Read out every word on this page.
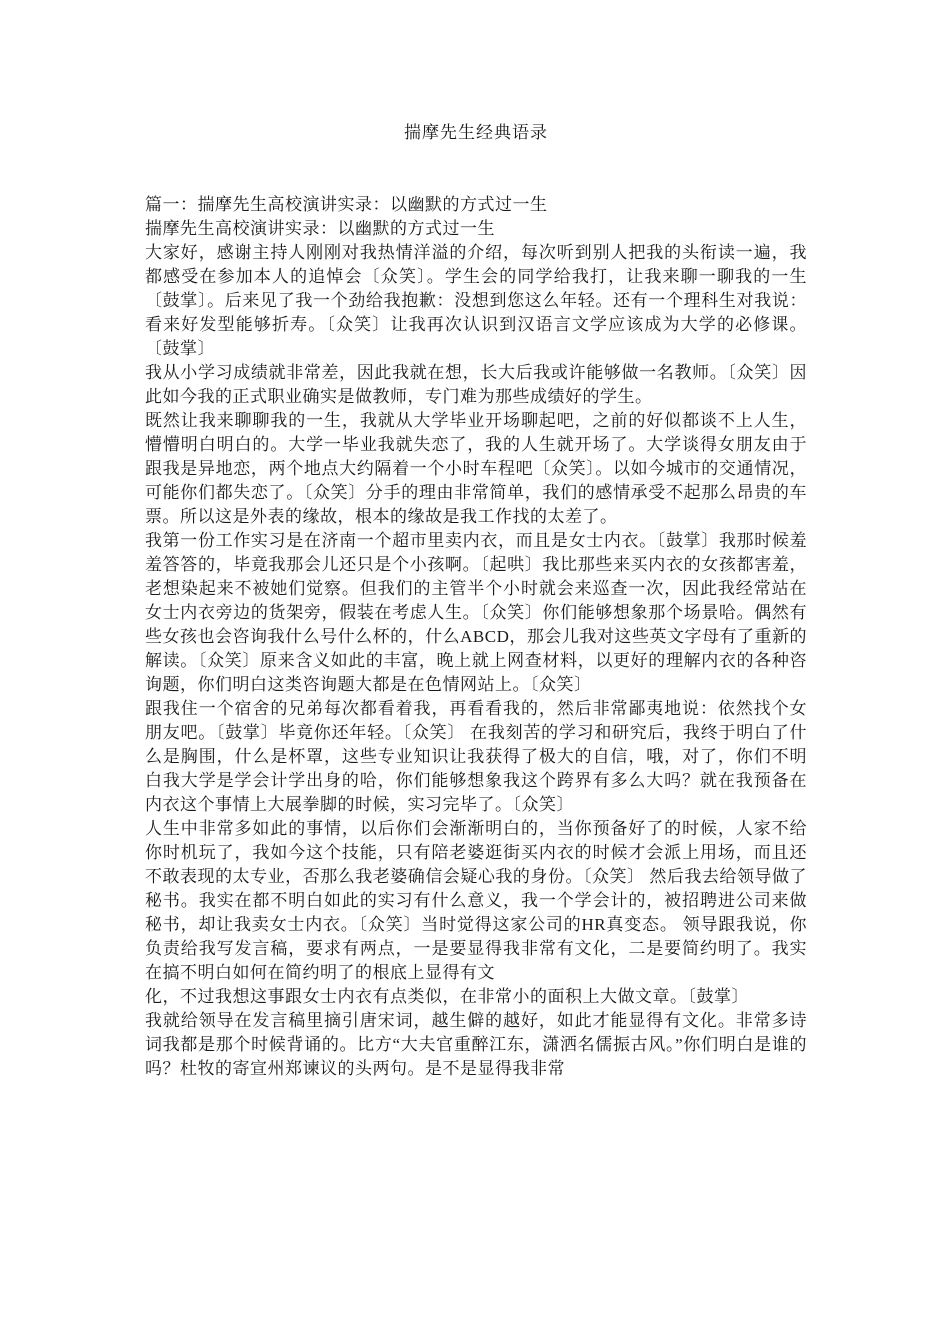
揣摩先生经典语录

篇一：揣摩先生高校演讲实录：以幽默的方式过一生

揣摩先生高校演讲实录：以幽默的方式过一生

大家好，感谢主持人刚刚对我热情洋溢的介绍，每次听到别人把我的头衔读一遍，我都感受在参加本人的追悼会〔众笑〕。学生会的同学给我打，让我来聊一聊我的一生〔鼓掌〕。后来见了我一个劲给我抱歉：没想到您这么年轻。还有一个理科生对我说：看来好发型能够折寿。〔众笑〕让我再次认识到汉语言文学应该成为大学的必修课。〔鼓掌〕

我从小学习成绩就非常差，因此我就在想，长大后我或许能够做一名教师。〔众笑〕因此如今我的正式职业确实是做教师，专门难为那些成绩好的学生。

既然让我来聊聊我的一生，我就从大学毕业开场聊起吧，之前的好似都谈不上人生，懵懵明白明白的。大学一毕业我就失恋了，我的人生就开场了。大学谈得女朋友由于跟我是异地恋，两个地点大约隔着一个小时车程吧〔众笑〕。以如今城市的交通情况，可能你们都失恋了。〔众笑〕分手的理由非常简单，我们的感情承受不起那么昂贵的车票。所以这是外表的缘故，根本的缘故是我工作找的太差了。

我第一份工作实习是在济南一个超市里卖内衣，而且是女士内衣。〔鼓掌〕我那时候羞羞答答的，毕竟我那会儿还只是个小孩啊。〔起哄〕我比那些来买内衣的女孩都害羞，老想染起来不被她们觉察。但我们的主管半个小时就会来巡查一次，因此我经常站在女士内衣旁边的货架旁，假装在考虑人生。〔众笑〕你们能够想象那个场景哈。偶然有些女孩也会咨询我什么号什么杯的，什么ABCD，那会儿我对这些英文字母有了重新的解读。〔众笑〕原来含义如此的丰富，晚上就上网查材料，以更好的理解内衣的各种咨询题，你们明白这类咨询题大都是在色情网站上。〔众笑〕

跟我住一个宿舍的兄弟每次都看着我，再看看我的，然后非常鄙夷地说：依然找个女朋友吧。〔鼓掌〕毕竟你还年轻。〔众笑〕 在我刻苦的学习和研究后，我终于明白了什么是胸围，什么是杯罩，这些专业知识让我获得了极大的自信，哦，对了，你们不明白我大学是学会计学出身的哈，你们能够想象我这个跨界有多么大吗？就在我预备在内衣这个事情上大展拳脚的时候，实习完毕了。〔众笑〕

人生中非常多如此的事情，以后你们会渐渐明白的，当你预备好了的时候，人家不给你时机玩了，我如今这个技能，只有陪老婆逛街买内衣的时候才会派上用场，而且还不敢表现的太专业，否那么我老婆确信会疑心我的身份。〔众笑〕 然后我去给领导做了秘书。我实在都不明白如此的实习有什么意义，我一个学会计的，被招聘进公司来做秘书，却让我卖女士内衣。〔众笑〕当时觉得这家公司的HR真变态。 领导跟我说，你负责给我写发言稿，要求有两点，一是要显得我非常有文化，二是要简约明了。我实在搞不明白如何在简约明了的根底上显得有文

化，不过我想这事跟女士内衣有点类似，在非常小的面积上大做文章。〔鼓掌〕

我就给领导在发言稿里摘引唐宋词，越生僻的越好，如此才能显得有文化。非常多诗词我都是那个时候背诵的。比方“大夫官重醉江东，潇洒名儒振古风。”你们明白是谁的吗？杜牧的寄宣州郑谏议的头两句。是不是显得我非常
